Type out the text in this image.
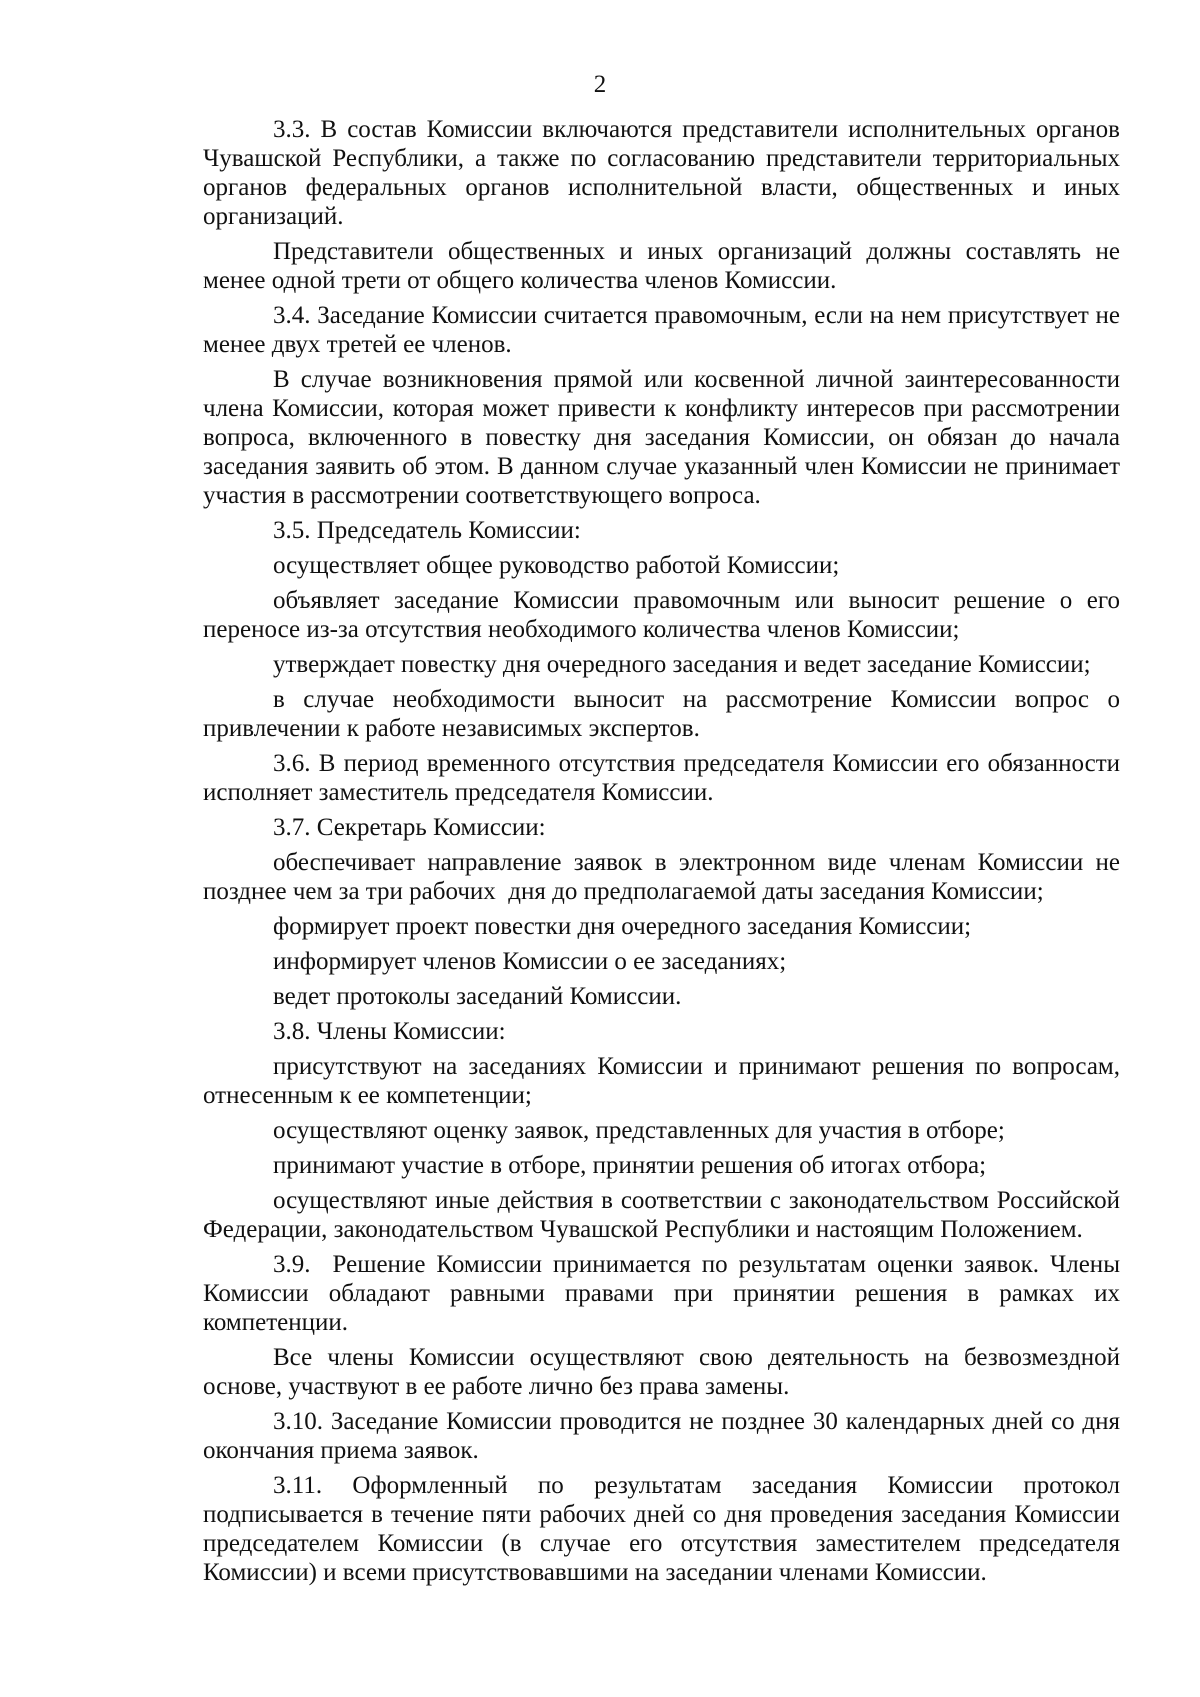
2

3.3. В состав Комиссии включаются представители исполнительных органов Чувашской Республики, а также по согласованию представители территориальных  органов федеральных органов исполнительной власти, общественных и иных организаций.

Представители общественных и иных организаций должны составлять не менее одной трети от общего количества членов Комиссии.

3.4. Заседание Комиссии считается правомочным, если на нем присутствует не менее двух третей ее членов.

В случае возникновения прямой или косвенной личной заинтересованности члена Комиссии, которая может привести к конфликту интересов при рассмотрении вопроса, включенного в повестку дня заседания Комиссии, он обязан до начала заседания заявить об этом. В данном случае указанный член Комиссии не принимает участия в рассмотрении соответствующего вопроса.

3.5. Председатель Комиссии:

осуществляет общее руководство работой Комиссии;

объявляет заседание Комиссии правомочным или выносит решение о его переносе из-за отсутствия необходимого количества членов Комиссии;

утверждает повестку дня очередного заседания и ведет заседание Комиссии;

в случае необходимости выносит на рассмотрение Комиссии вопрос о привлечении к работе независимых экспертов.

3.6. В период временного отсутствия председателя Комиссии его обязанности исполняет заместитель председателя Комиссии.

3.7. Секретарь Комиссии:

обеспечивает направление заявок в электронном виде членам Комиссии не позднее чем за три рабочих  дня до предполагаемой даты заседания Комиссии;

формирует проект повестки дня очередного заседания Комиссии;

информирует членов Комиссии о ее заседаниях;

ведет протоколы заседаний Комиссии.

3.8. Члены Комиссии:

присутствуют на заседаниях Комиссии и принимают решения по вопросам, отнесенным к ее компетенции;

осуществляют оценку заявок, представленных для участия в отборе;

принимают участие в отборе, принятии решения об итогах отбора;

осуществляют иные действия в соответствии с законодательством Российской Федерации, законодательством Чувашской Республики и настоящим Положением.

3.9.  Решение Комиссии принимается по результатам оценки заявок. Члены Комиссии обладают равными правами при принятии решения в рамках их компетенции.

Все члены Комиссии осуществляют свою деятельность на безвозмездной основе, участвуют в ее работе лично без права замены.

3.10. Заседание Комиссии проводится не позднее 30 календарных дней со дня окончания приема заявок.

3.11. Оформленный по результатам заседания Комиссии протокол подписывается в течение пяти рабочих дней со дня проведения заседания Комиссии председателем Комиссии (в случае его отсутствия заместителем председателя Комиссии) и всеми присутствовавшими на заседании членами Комиссии.
